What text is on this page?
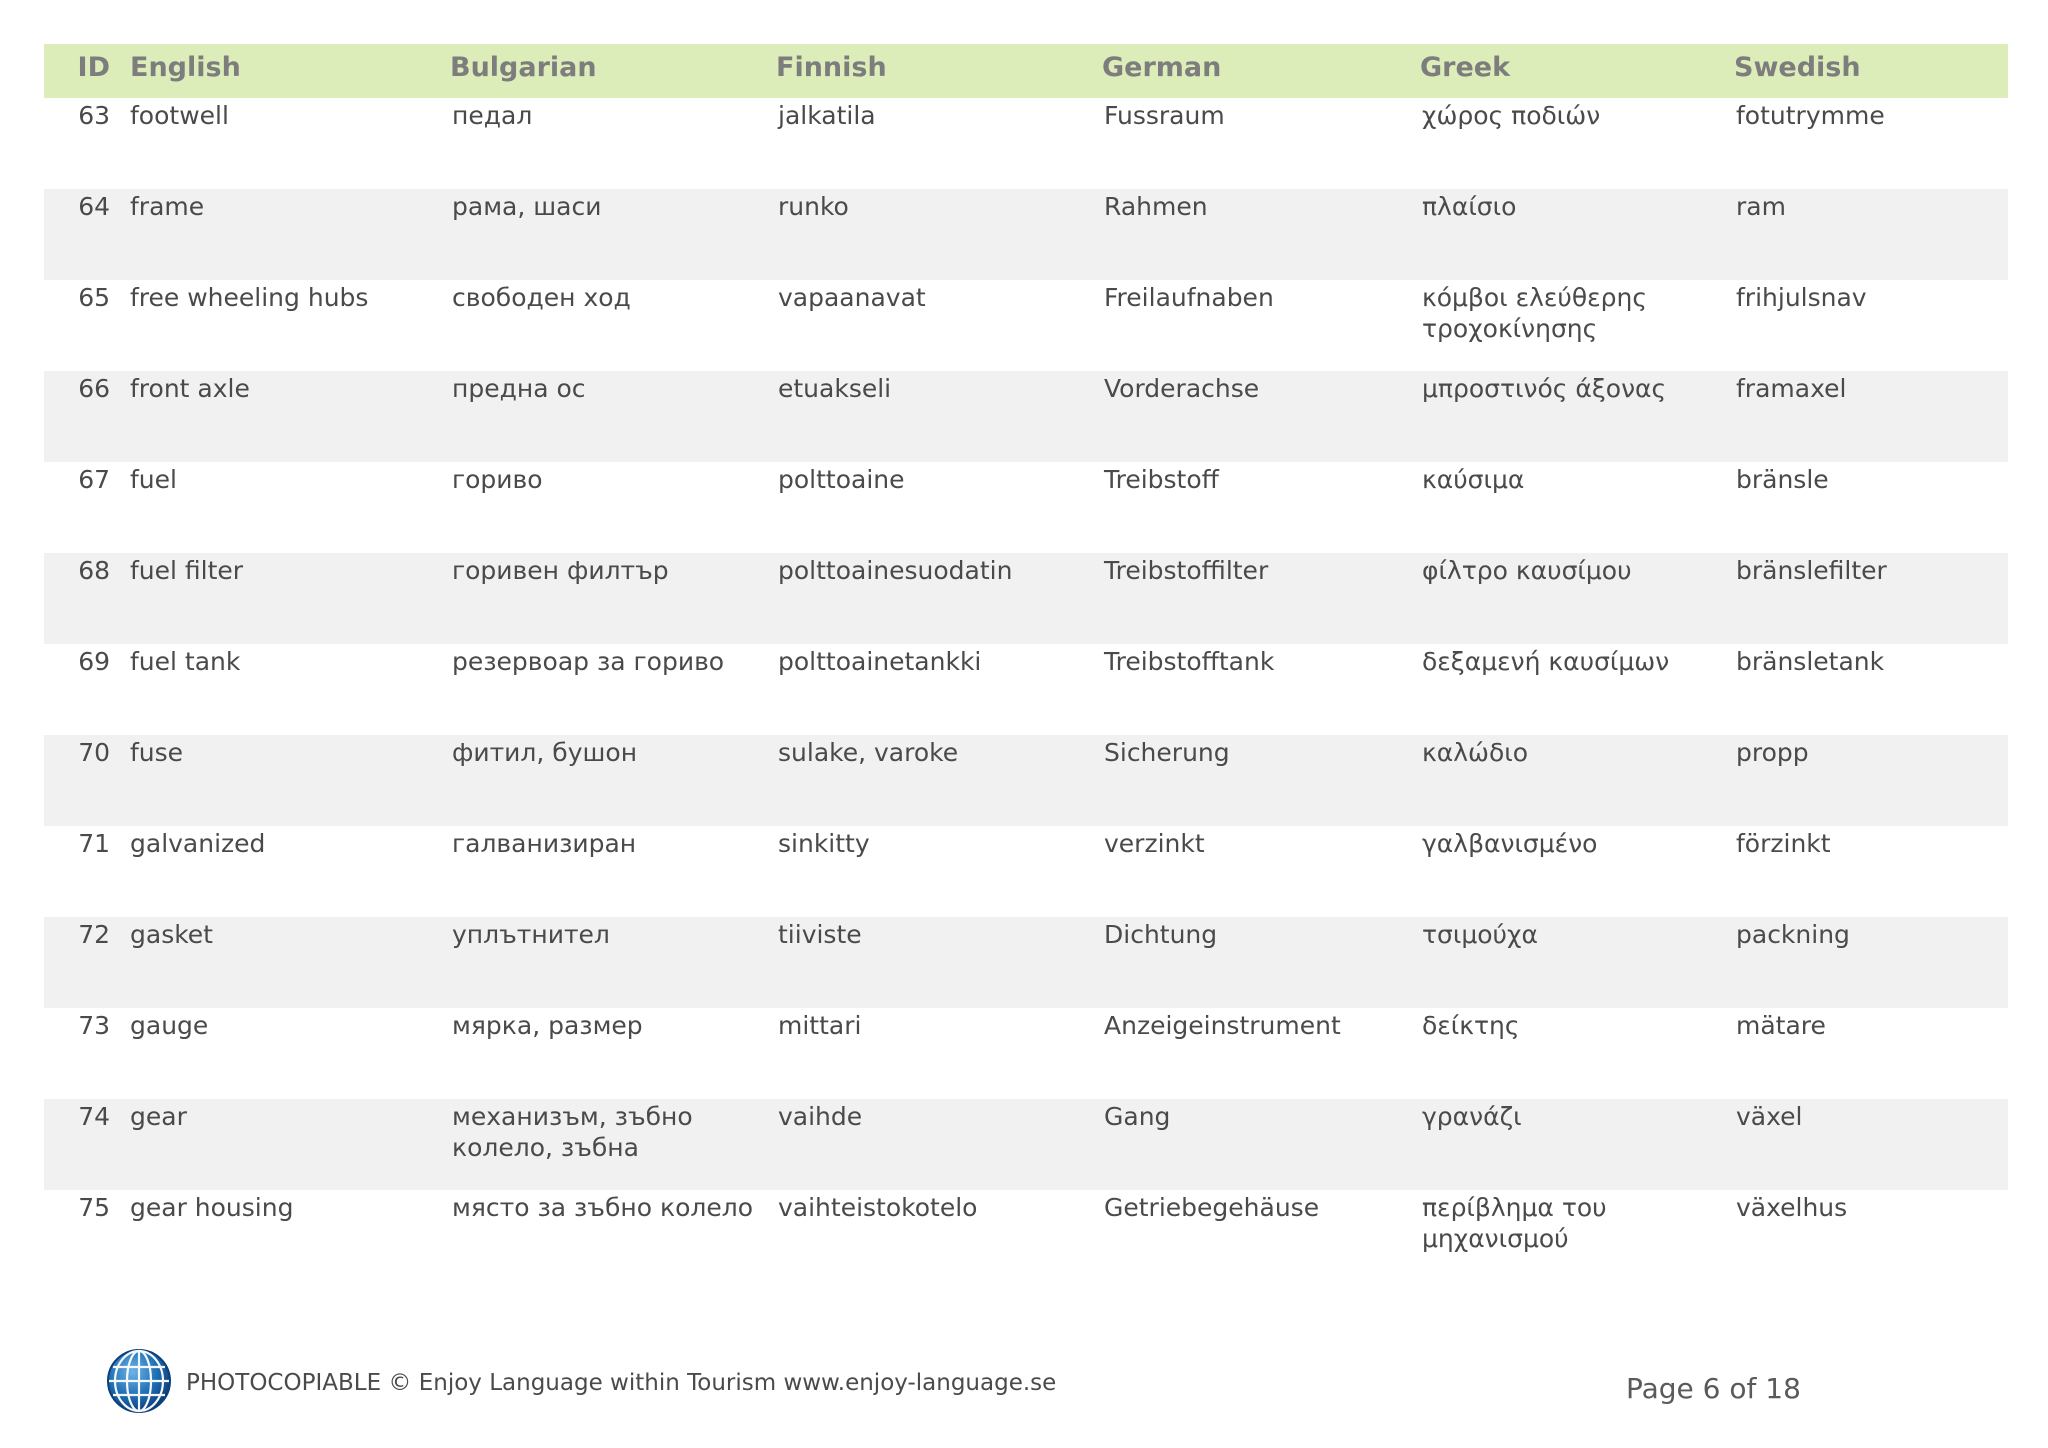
ID	English	Bulgarian	Finnish	German	Greek	Swedish

63	footwell	педал	jalkatila	Fussraum	χώρος ποδιών	fotutrymme

64	frame	рама, шаси	runko	Rahmen	πλαίσιο	ram

65	free wheeling hubs	свободен ход	vapaanavat	Freilaufnaben	κόμβοι ελεύθερης τροχοκίνησης	frihjulsnav

66	front axle	предна ос	etuakseli	Vorderachse	μπροστινός άξονας	framaxel

67	fuel	гориво	polttoaine	Treibstoff	καύσιμα	bränsle

68	fuel filter	горивен филтър	polttoainesuodatin	Treibstoffilter	φίλτρο καυσίμου	bränslefilter

69	fuel tank	резервоар за гориво	polttoainetankki	Treibstofftank	δεξαμενή καυσίμων	bränsletank

70	fuse	фитил, бушон	sulake, varoke	Sicherung	καλώδιο	propp

71	galvanized	галванизиран	sinkitty	verzinkt	γαλβανισμένο	förzinkt

72	gasket	уплътнител	tiiviste	Dichtung	τσιμούχα	packning

73	gauge	мярка, размер	mittari	Anzeigeinstrument	δείκτης	mätare

74	gear	механизъм, зъбно колело, зъбна	vaihde	Gang	γρανάζι	växel

75	gear housing	място за зъбно колело	vaihteistokotelo	Getriebegehäuse	περίβλημα του μηχανισμού	växelhus
PHOTOCOPIABLE © Enjoy Language within Tourism www.enjoy-language.se	Page 6 of 18
